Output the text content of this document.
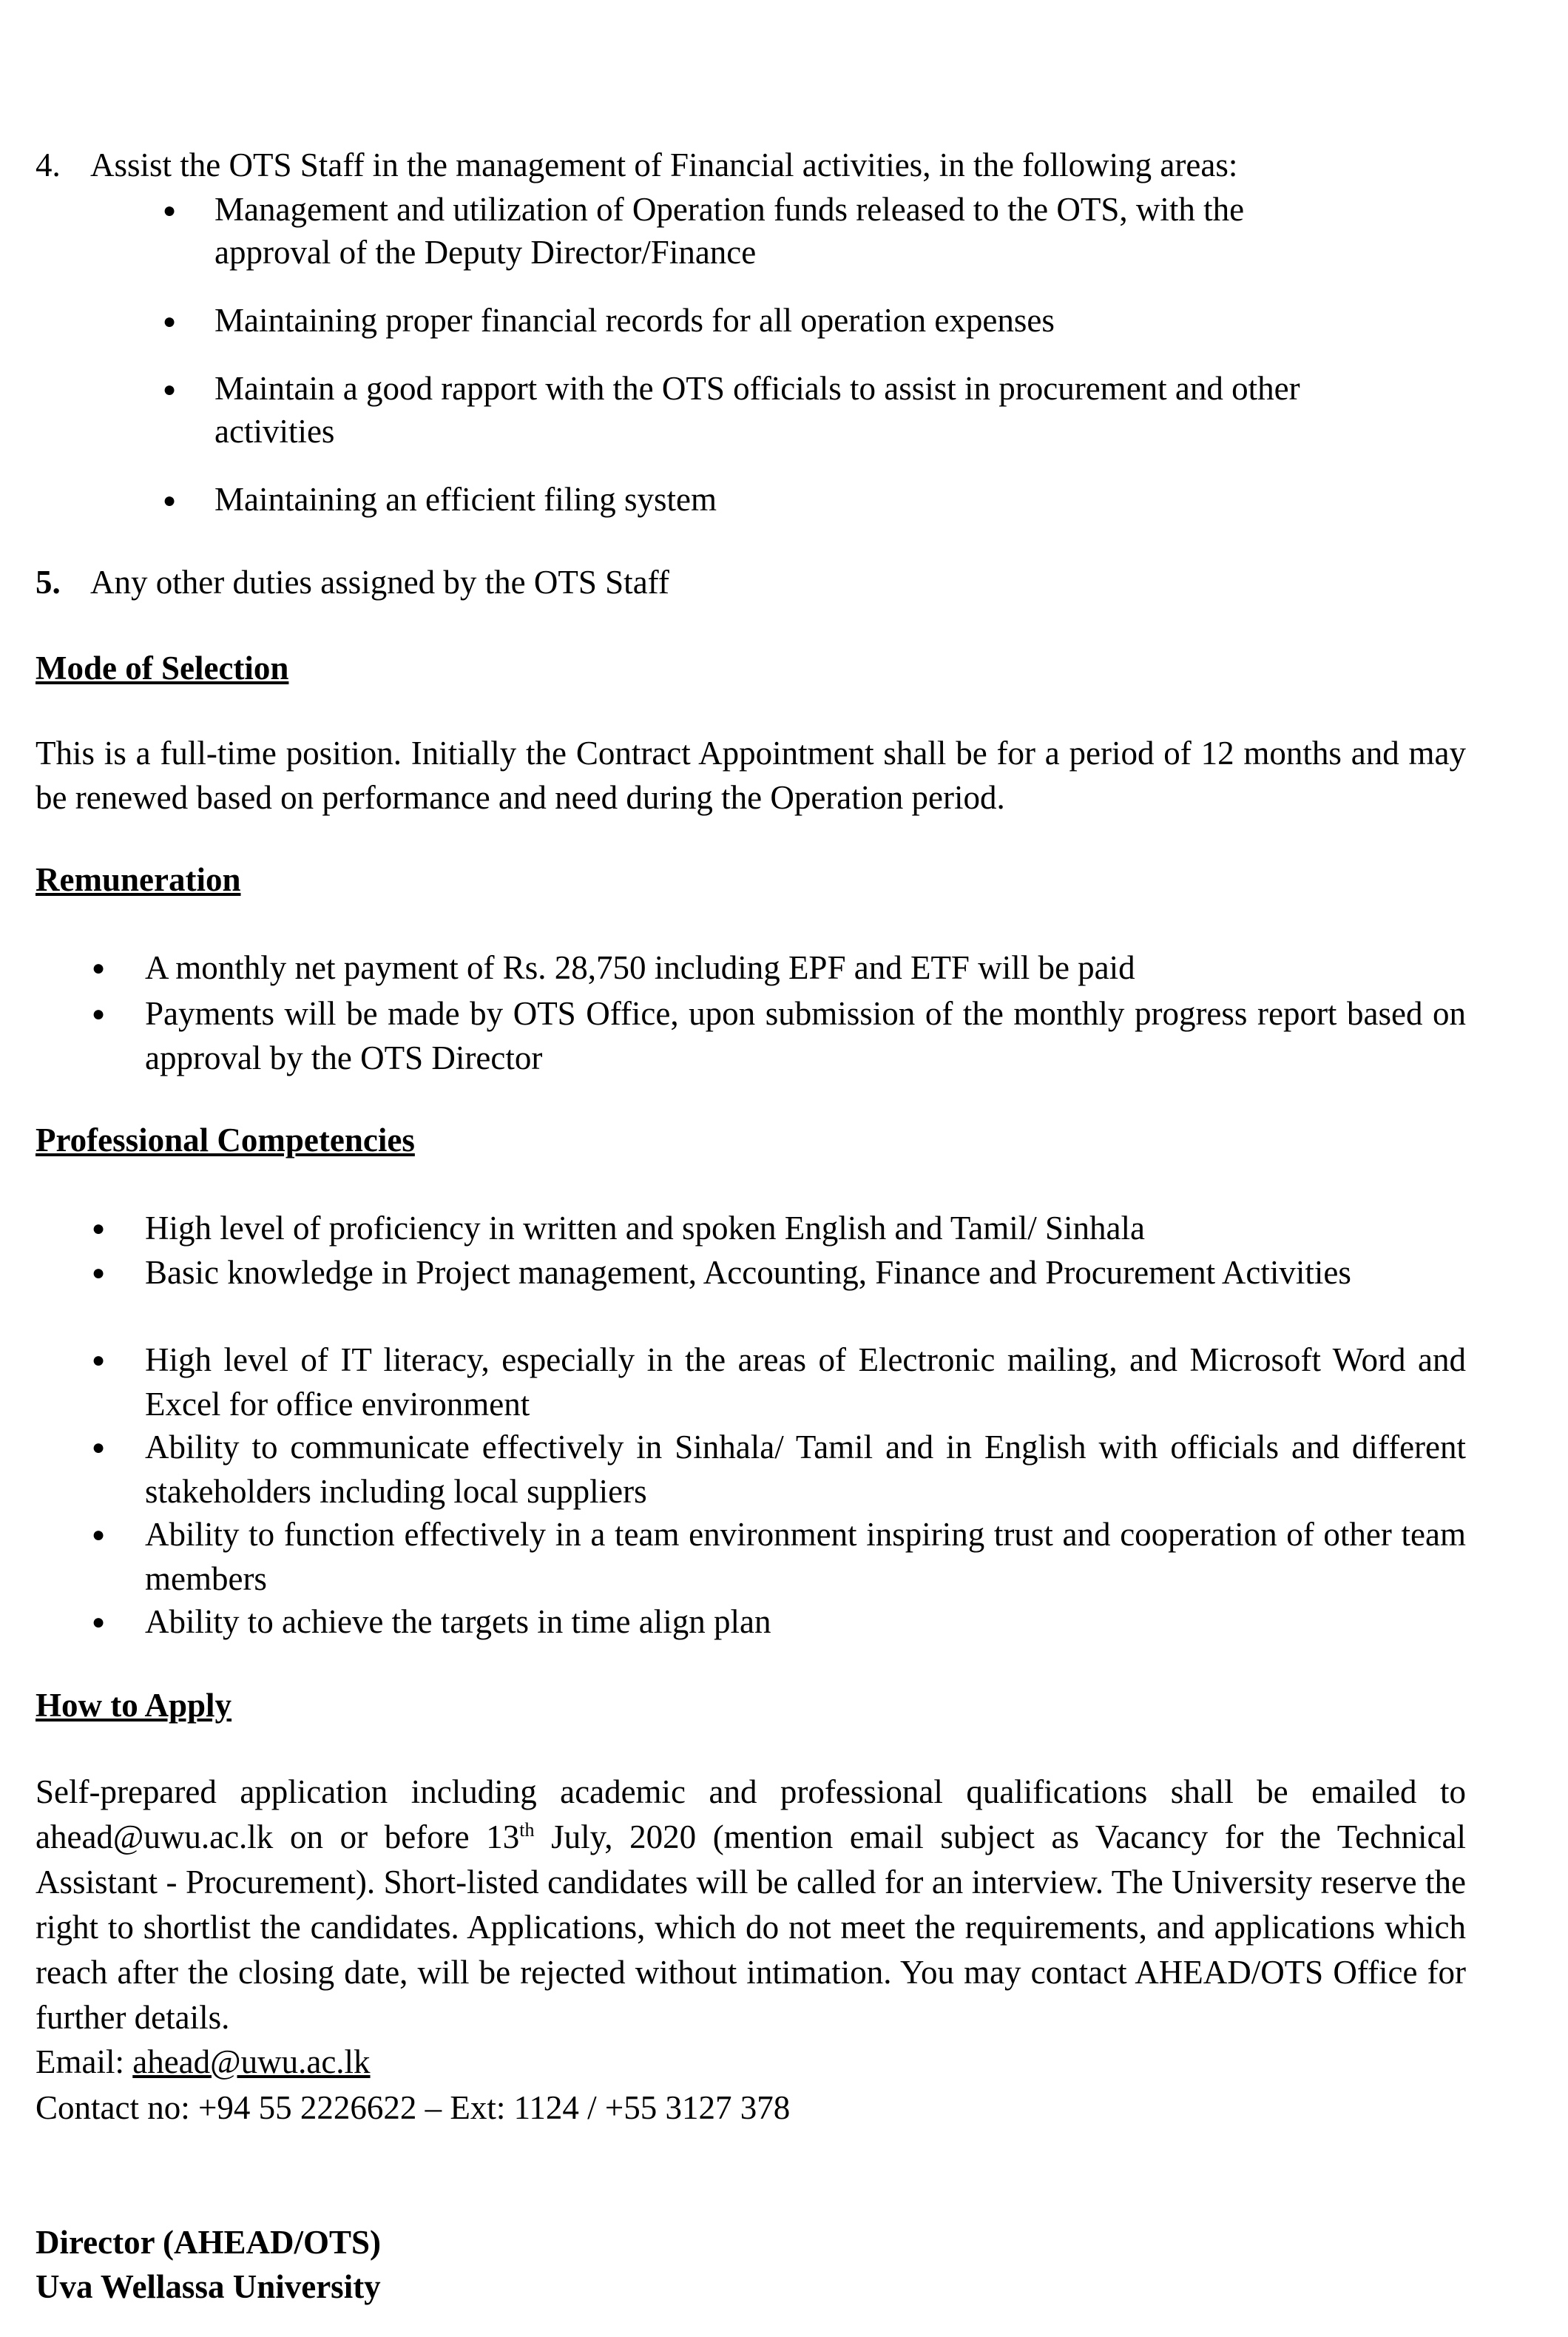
4. Assist the OTS Staff in the management of Financial activities, in the following areas:
● Management and utilization of Operation funds released to the OTS, with the
approval of the Deputy Director/Finance
● Maintaining proper financial records for all operation expenses
● Maintain a good rapport with the OTS officials to assist in procurement and other
activities
● Maintaining an efficient filing system
5. Any other duties assigned by the OTS Staff
Mode of Selection
This is a full-time position. Initially the Contract Appointment shall be for a period of 12 months and may be renewed based on performance and need during the Operation period.
Remuneration
● A monthly net payment of Rs. 28,750 including EPF and ETF will be paid
● Payments will be made by OTS Office, upon submission of the monthly progress report based on approval by the OTS Director
Professional Competencies
● High level of proficiency in written and spoken English and Tamil/ Sinhala
● Basic knowledge in Project management, Accounting, Finance and Procurement Activities
● High level of IT literacy, especially in the areas of Electronic mailing, and Microsoft Word and Excel for office environment
● Ability to communicate effectively in Sinhala/ Tamil and in English with officials and different stakeholders including local suppliers
● Ability to function effectively in a team environment inspiring trust and cooperation of other team members
● Ability to achieve the targets in time align plan
How to Apply
Self-prepared application including academic and professional qualifications shall be emailed to ahead@uwu.ac.lk on or before 13th July, 2020 (mention email subject as Vacancy for the Technical Assistant - Procurement). Short-listed candidates will be called for an interview. The University reserve the right to shortlist the candidates. Applications, which do not meet the requirements, and applications which reach after the closing date, will be rejected without intimation. You may contact AHEAD/OTS Office for further details.
Email: ahead@uwu.ac.lk
Contact no: +94 55 2226622 – Ext: 1124 / +55 3127 378
Director (AHEAD/OTS)
Uva Wellassa University
